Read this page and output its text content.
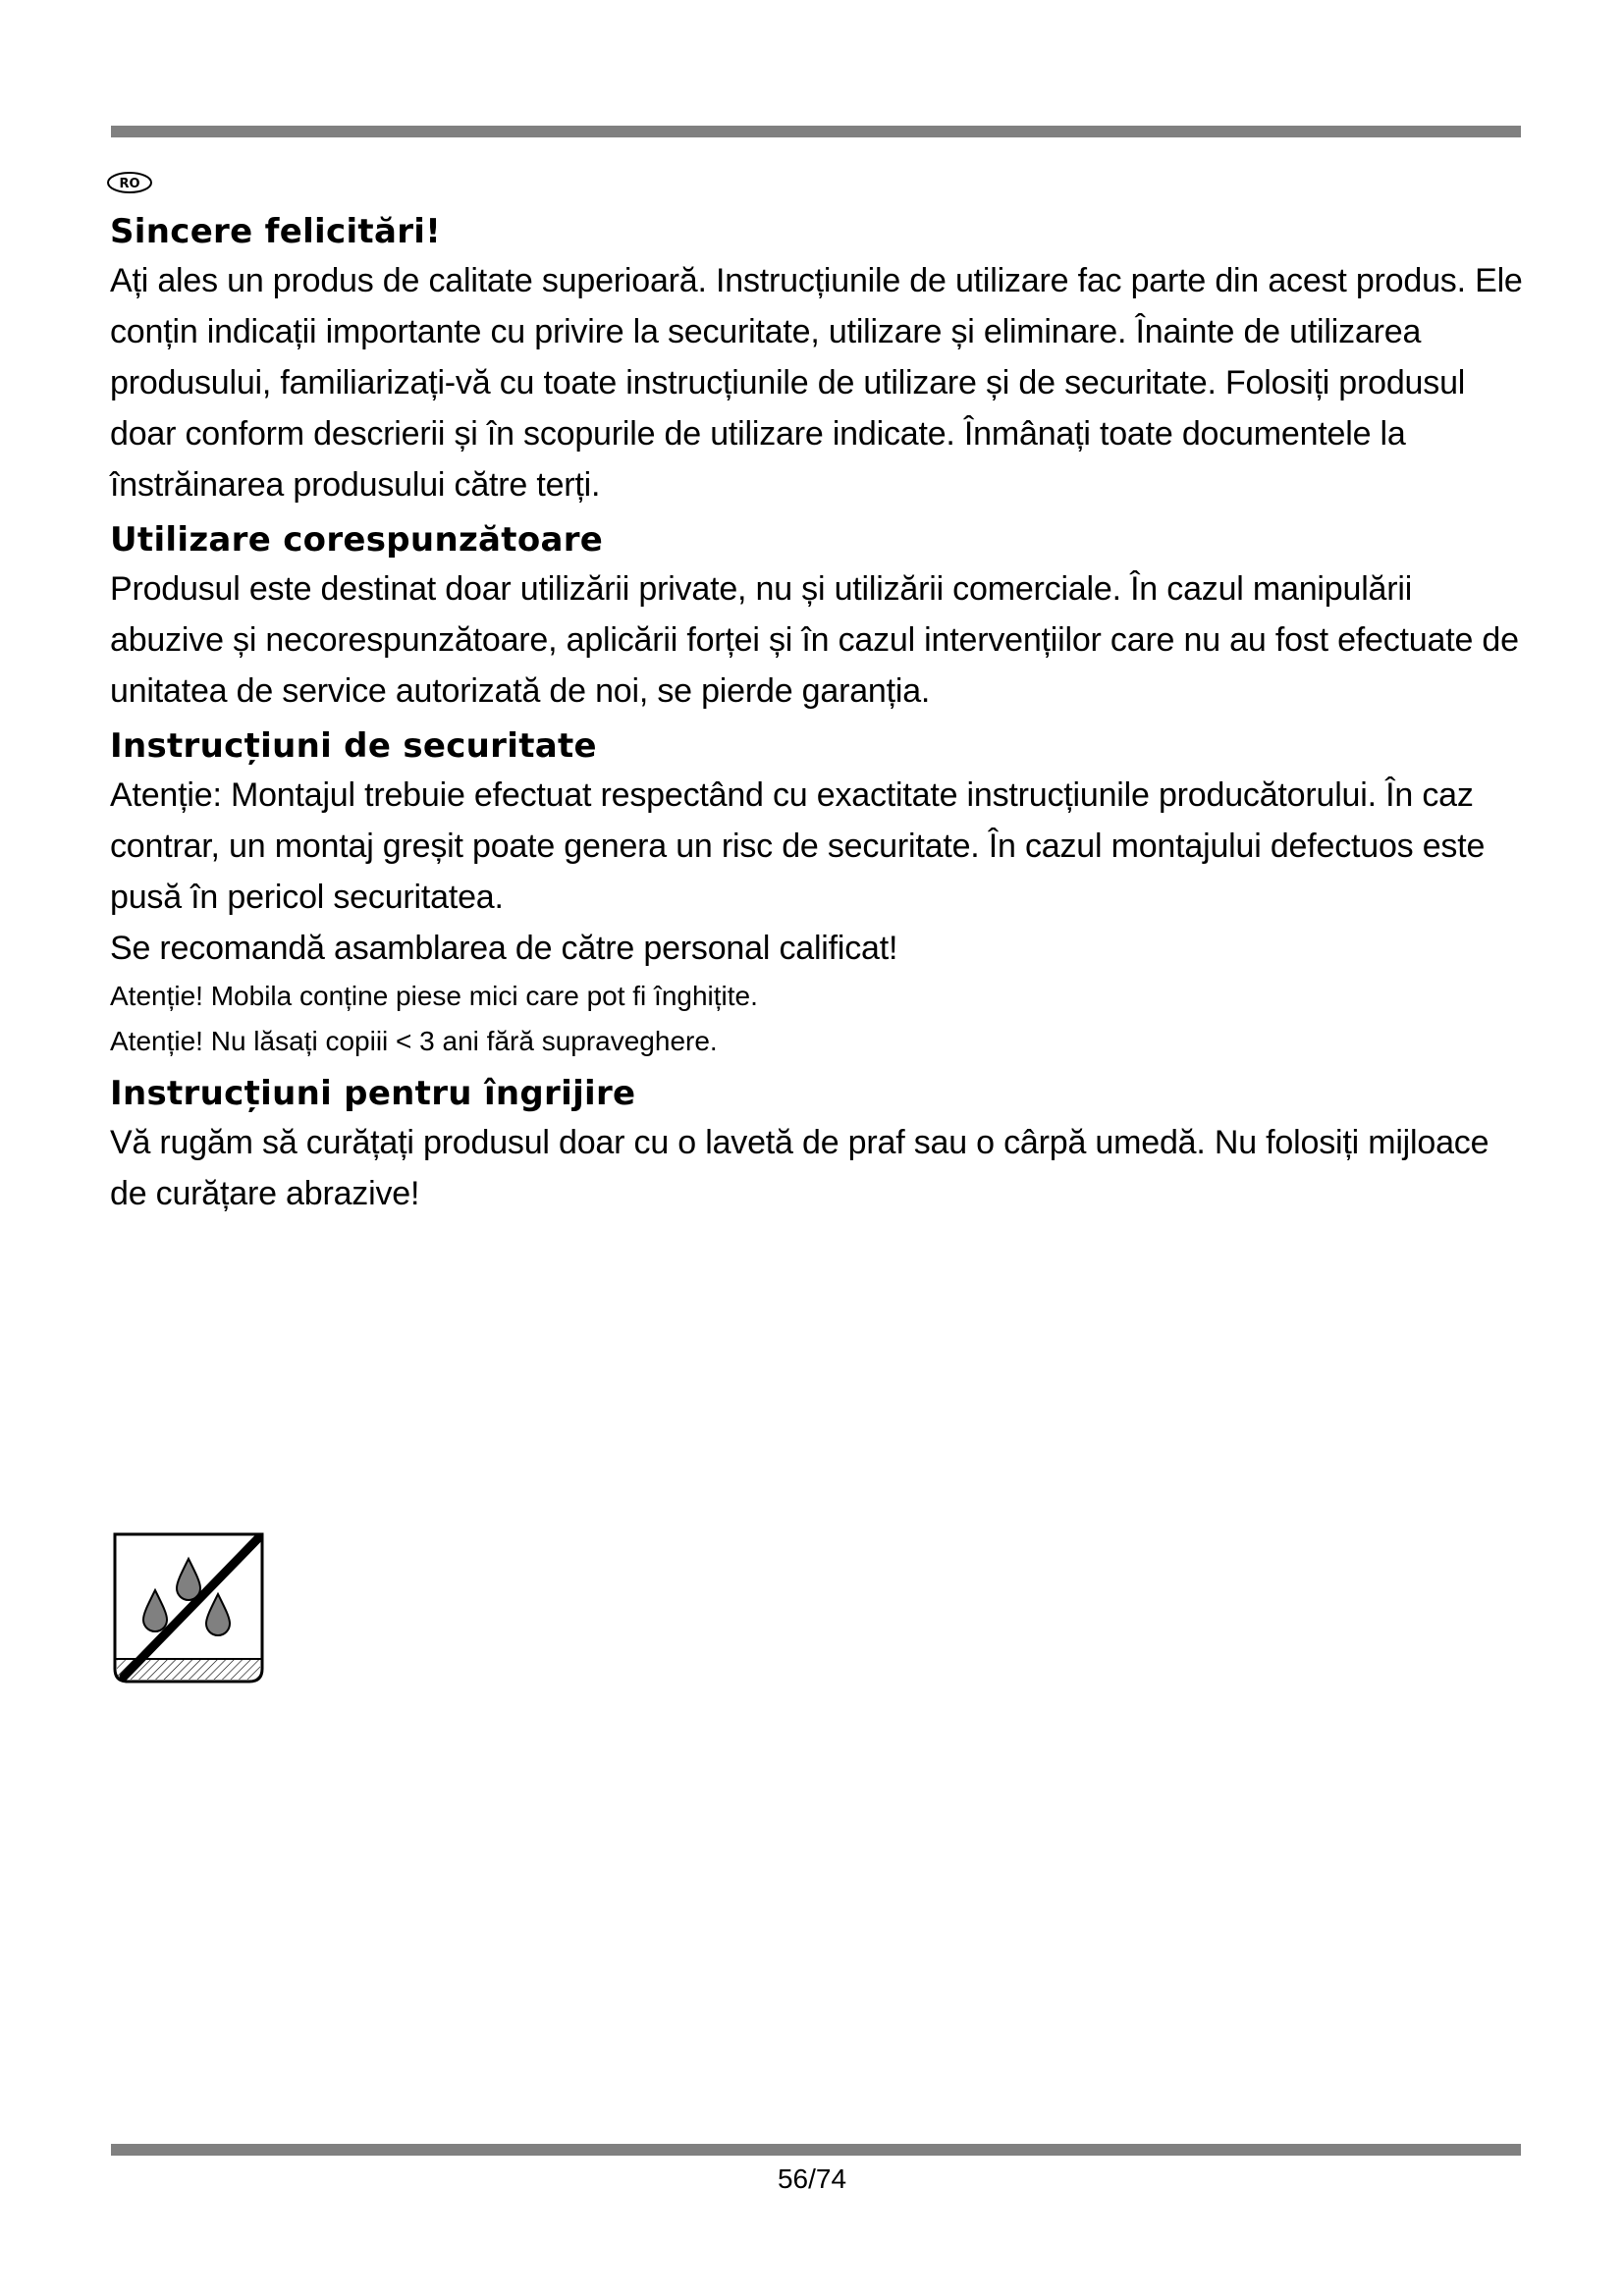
RO
Sincere felicitări!

Ați ales un produs de calitate superioară. Instrucțiunile de utilizare fac parte din acest produs. Ele conțin indicații importante cu privire la securitate, utilizare și eliminare. Înainte de utilizarea produsului, familiarizați-vă cu toate instrucțiunile de utilizare și de securitate. Folosiți produsul doar conform descrierii și în scopurile de utilizare indicate. Înmânați toate documentele la înstrăinarea produsului către terți.

Utilizare corespunzătoare

Produsul este destinat doar utilizării private, nu și utilizării comerciale. În cazul manipulării abuzive și necorespunzătoare, aplicării forței și în cazul intervențiilor care nu au fost efectuate de unitatea de service autorizată de noi, se pierde garanția.

Instrucțiuni de securitate

Atenție: Montajul trebuie efectuat respectând cu exactitate instrucțiunile producătorului. În caz contrar, un montaj greșit poate genera un risc de securitate. În cazul montajului defectuos este pusă în pericol securitatea.

Se recomandă asamblarea de către personal calificat!

Atenție! Mobila conține piese mici care pot fi înghițite.

Atenție! Nu lăsați copiii < 3 ani fără supraveghere.

Instrucțiuni pentru îngrijire

Vă rugăm să curățați produsul doar cu o lavetă de praf sau o cârpă umedă. Nu folosiți mijloace de curățare abrazive!

56/74
